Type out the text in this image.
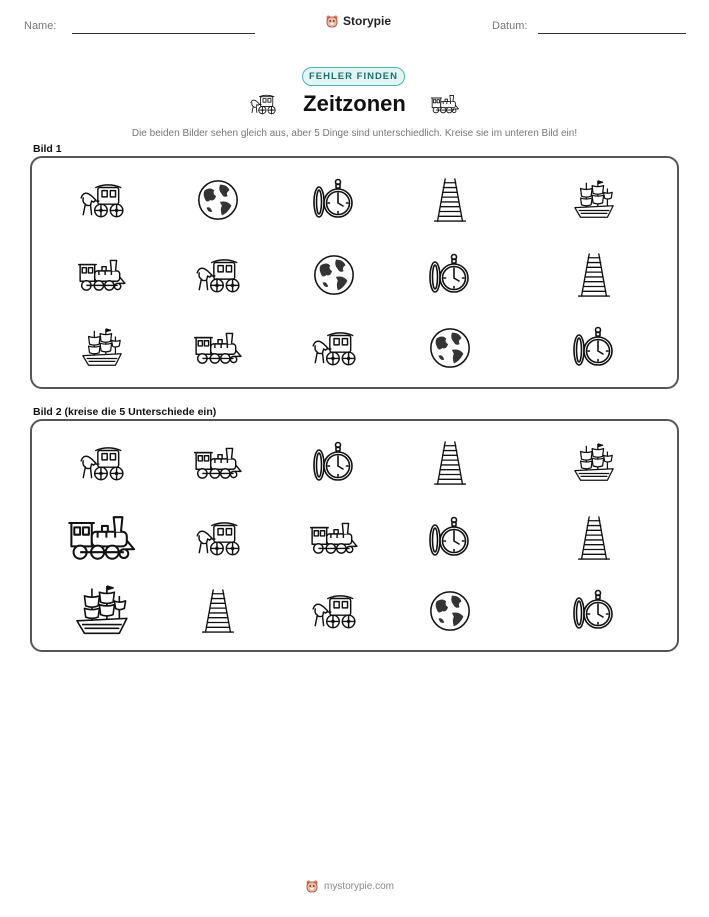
Name:	Storypie	Datum:
FEHLER FINDEN
Zeitzonen
Die beiden Bilder sehen gleich aus, aber 5 Dinge sind unterschiedlich. Kreise sie im unteren Bild ein!
Bild 1
Bild 2 (kreise die 5 Unterschiede ein)
mystorypie.com
